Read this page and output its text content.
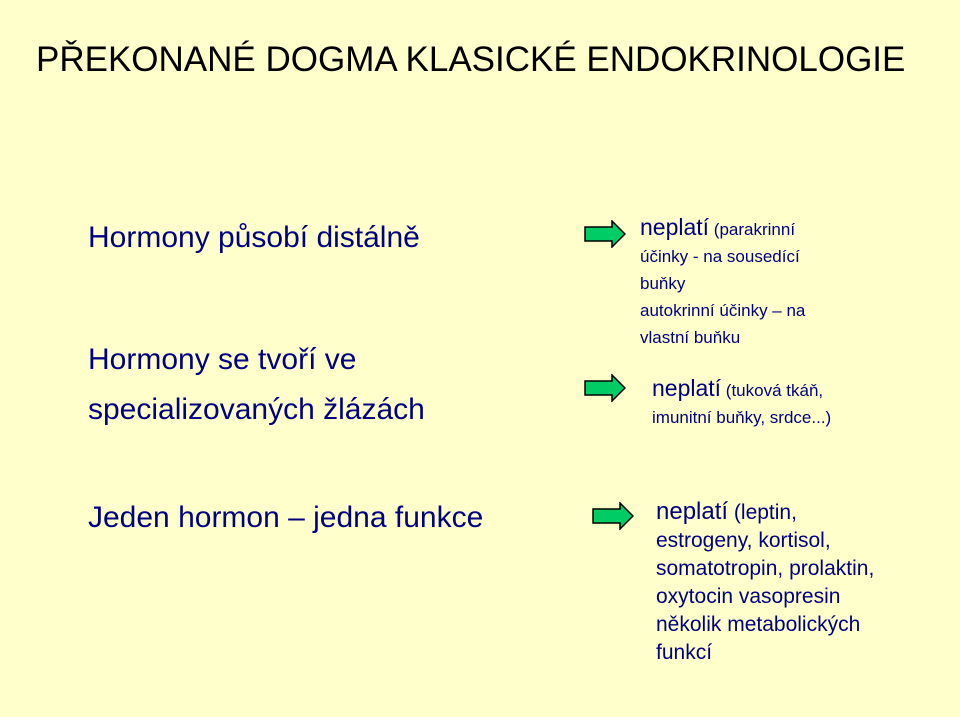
PŘEKONANÉ DOGMA KLASICKÉ ENDOKRINOLOGIE
Hormony působí distálně	neplatí (parakrinní
účinky - na sousedící
buňky
autokrinní účinky – na
vlastní buňku
Hormony se tvoří ve
specializovaných žlázách
neplatí (tuková tkáň,
imunitní buňky, srdce...)
Jeden hormon – jedna funkce	neplatí (leptin,
estrogeny, kortisol,
somatotropin, prolaktin,
oxytocin vasopresin
několik metabolických
funkcí
